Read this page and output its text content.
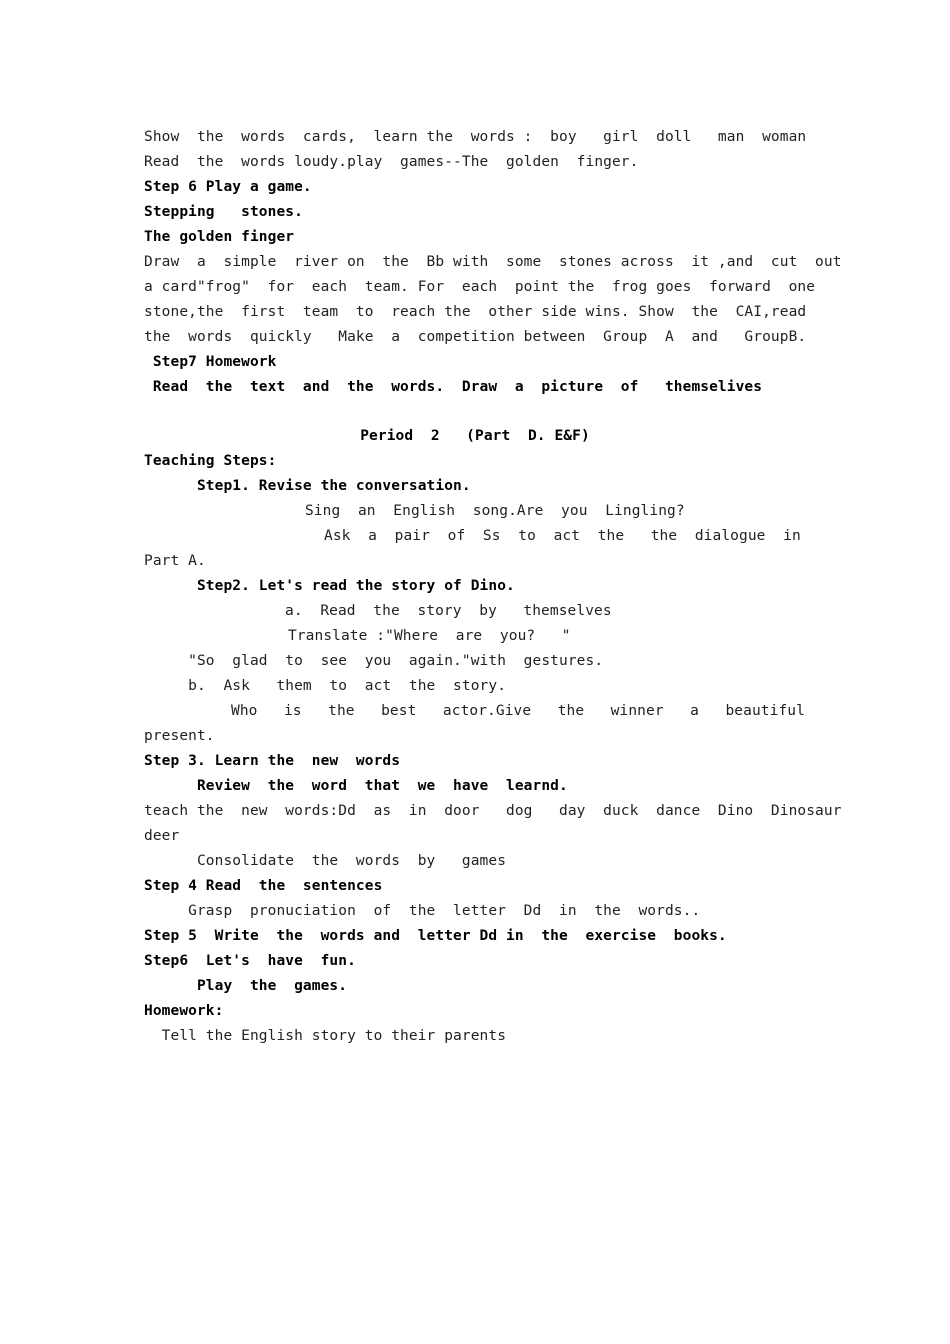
Show  the  words  cards,  learn the  words :  boy   girl  doll   man  woman
Read  the  words loudy.play  games--The  golden  finger.
Step 6 Play a game.
Stepping   stones.
The golden finger
Draw  a  simple  river on  the  Bb with  some  stones across  it ,and  cut  out
a card"frog"  for  each  team. For  each  point the  frog goes  forward  one
stone,the  first  team  to  reach the  other side wins. Show  the  CAI,read
the  words  quickly   Make  a  competition between  Group  A  and   GroupB.
Step7 Homework
Read  the  text  and  the  words.  Draw  a  picture  of   themselives
Period  2   (Part  D. E&F)
Teaching Steps:
Step1. Revise the conversation.
Sing  an  English  song.Are  you  Lingling?
Ask  a  pair  of  Ss  to  act  the   the  dialogue  in
Part A.
Step2. Let's read the story of Dino.
a.  Read  the  story  by   themselves
Translate :"Where  are  you?   "
"So  glad  to  see  you  again."with  gestures.
b.  Ask   them  to  act  the  story.
Who   is   the   best   actor.Give   the   winner   a   beautiful
present.
Step 3. Learn the  new  words
Review  the  word  that  we  have  learnd.
teach the  new  words:Dd  as  in  door   dog   day  duck  dance  Dino  Dinosaur
deer
Consolidate  the  words  by   games
Step 4 Read  the  sentences
Grasp  pronuciation  of  the  letter  Dd  in  the  words..
Step 5  Write  the  words and  letter Dd in  the  exercise  books.
Step6  Let's  have  fun.
Play  the  games.
Homework:
Tell the English story to their parents
